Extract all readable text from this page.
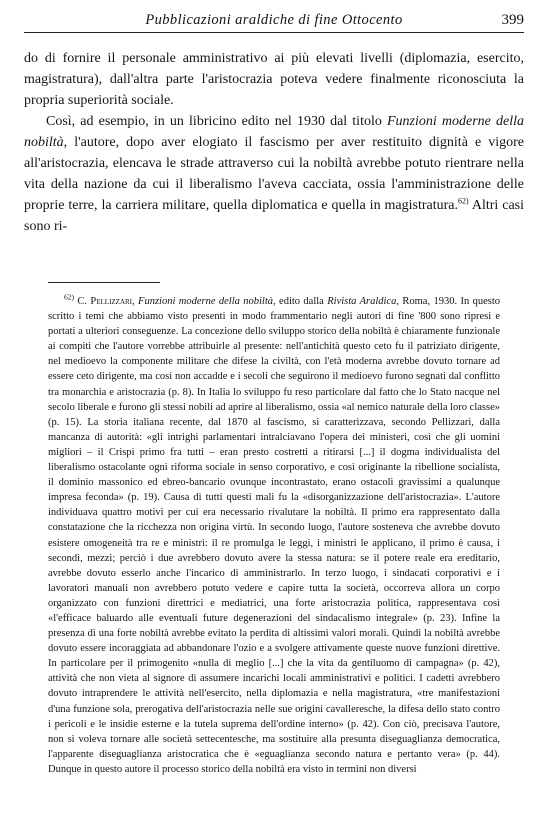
Pubblicazioni araldiche di fine Ottocento	399

do di fornire il personale amministrativo ai più elevati livelli (diplomazia, esercito, magistratura), dall'altra parte l'aristocrazia poteva vedere finalmente riconosciuta la propria superiorità sociale.

Così, ad esempio, in un libricino edito nel 1930 dal titolo Funzioni moderne della nobiltà, l'autore, dopo aver elogiato il fascismo per aver restituito dignità e vigore all'aristocrazia, elencava le strade attraverso cui la nobiltà avrebbe potuto rientrare nella vita della nazione da cui il liberalismo l'aveva cacciata, ossia l'amministrazione delle proprie terre, la carriera militare, quella diplomatica e quella in magistratura.$^{62)}$ Altri casi sono ri-

$^{62)}$ C. Pellizzari, Funzioni moderne della nobiltà, edito dalla Rivista Araldica, Roma, 1930. In questo scritto i temi che abbiamo visto presenti in modo frammentario negli autori di fine '800 sono ripresi e portati a ulteriori conseguenze. La concezione dello sviluppo storico della nobiltà è chiaramente funzionale ai compiti che l'autore vorrebbe attribuirle al presente: nell'antichità questo ceto fu il patriziato dirigente, nel medioevo la componente militare che difese la civiltà, con l'età moderna avrebbe dovuto tornare ad essere ceto dirigente, ma così non accadde e i secoli che seguirono il medioevo furono segnati dal conflitto tra monarchia e aristocrazia (p. 8). In Italia lo sviluppo fu reso particolare dal fatto che lo Stato nacque nel secolo liberale e furono gli stessi nobili ad aprire al liberalismo, ossia «al nemico naturale della loro classe» (p. 15). La storia italiana recente, dal 1870 al fascismo, si caratterizzava, secondo Pellizzari, dalla mancanza di autorità: «gli intrighi parlamentari intralciavano l'opera dei ministeri, così che gli uomini migliori – il Crispi primo fra tutti – eran presto costretti a ritirarsi [...] il dogma individualista del liberalismo ostacolante ogni riforma sociale in senso corporativo, e così originante la ribellione socialista, il dominio massonico ed ebreo-bancario ovunque incontrastato, erano ostacoli gravissimi a qualunque impresa feconda» (p. 19). Causa di tutti questi mali fu la «disorganizzazione dell'aristocrazia». L'autore individuava quattro motivi per cui era necessario rivalutare la nobiltà. Il primo era rappresentato dalla constatazione che la ricchezza non origina virtù. In secondo luogo, l'autore sosteneva che avrebbe dovuto esistere omogeneità tra re e ministri: il re promulga le leggi, i ministri le applicano, il primo è causa, i secondi, mezzi; perciò i due avrebbero dovuto avere la stessa natura: se il potere reale era ereditario, avrebbe dovuto esserlo anche l'incarico di amministrarlo. In terzo luogo, i sindacati corporativi e i lavoratori manuali non avrebbero potuto vedere e capire tutta la società, occorreva allora un corpo organizzato con funzioni direttrici e mediatrici, una forte aristocrazia politica, rappresentava così «l'efficace baluardo alle eventuali future degenerazioni del sindacalismo integrale» (p. 23). Infine la presenza di una forte nobiltà avrebbe evitato la perdita di altissimi valori morali. Quindi la nobiltà avrebbe dovuto essere incoraggiata ad abbandonare l'ozio e a svolgere attivamente queste nuove funzioni direttive. In particolare per il primogenito «nulla di meglio [...] che la vita da gentiluomo di campagna» (p. 42), attività che non vieta al signore di assumere incarichi locali amministrativi e politici. I cadetti avrebbero dovuto intraprendere le attività nell'esercito, nella diplomazia e nella magistratura, «tre manifestazioni d'una funzione sola, prerogativa dell'aristocrazia nelle sue origini cavalleresche, la difesa dello stato contro i pericoli e le insidie esterne e la tutela suprema dell'ordine interno» (p. 42). Con ciò, precisava l'autore, non si voleva tornare alle società settecentesche, ma sostituire alla presunta diseguaglianza democratica, l'apparente diseguaglianza aristocratica che è «eguaglianza secondo natura e pertanto vera» (p. 44). Dunque in questo autore il processo storico della nobiltà era visto in termini non diversi
